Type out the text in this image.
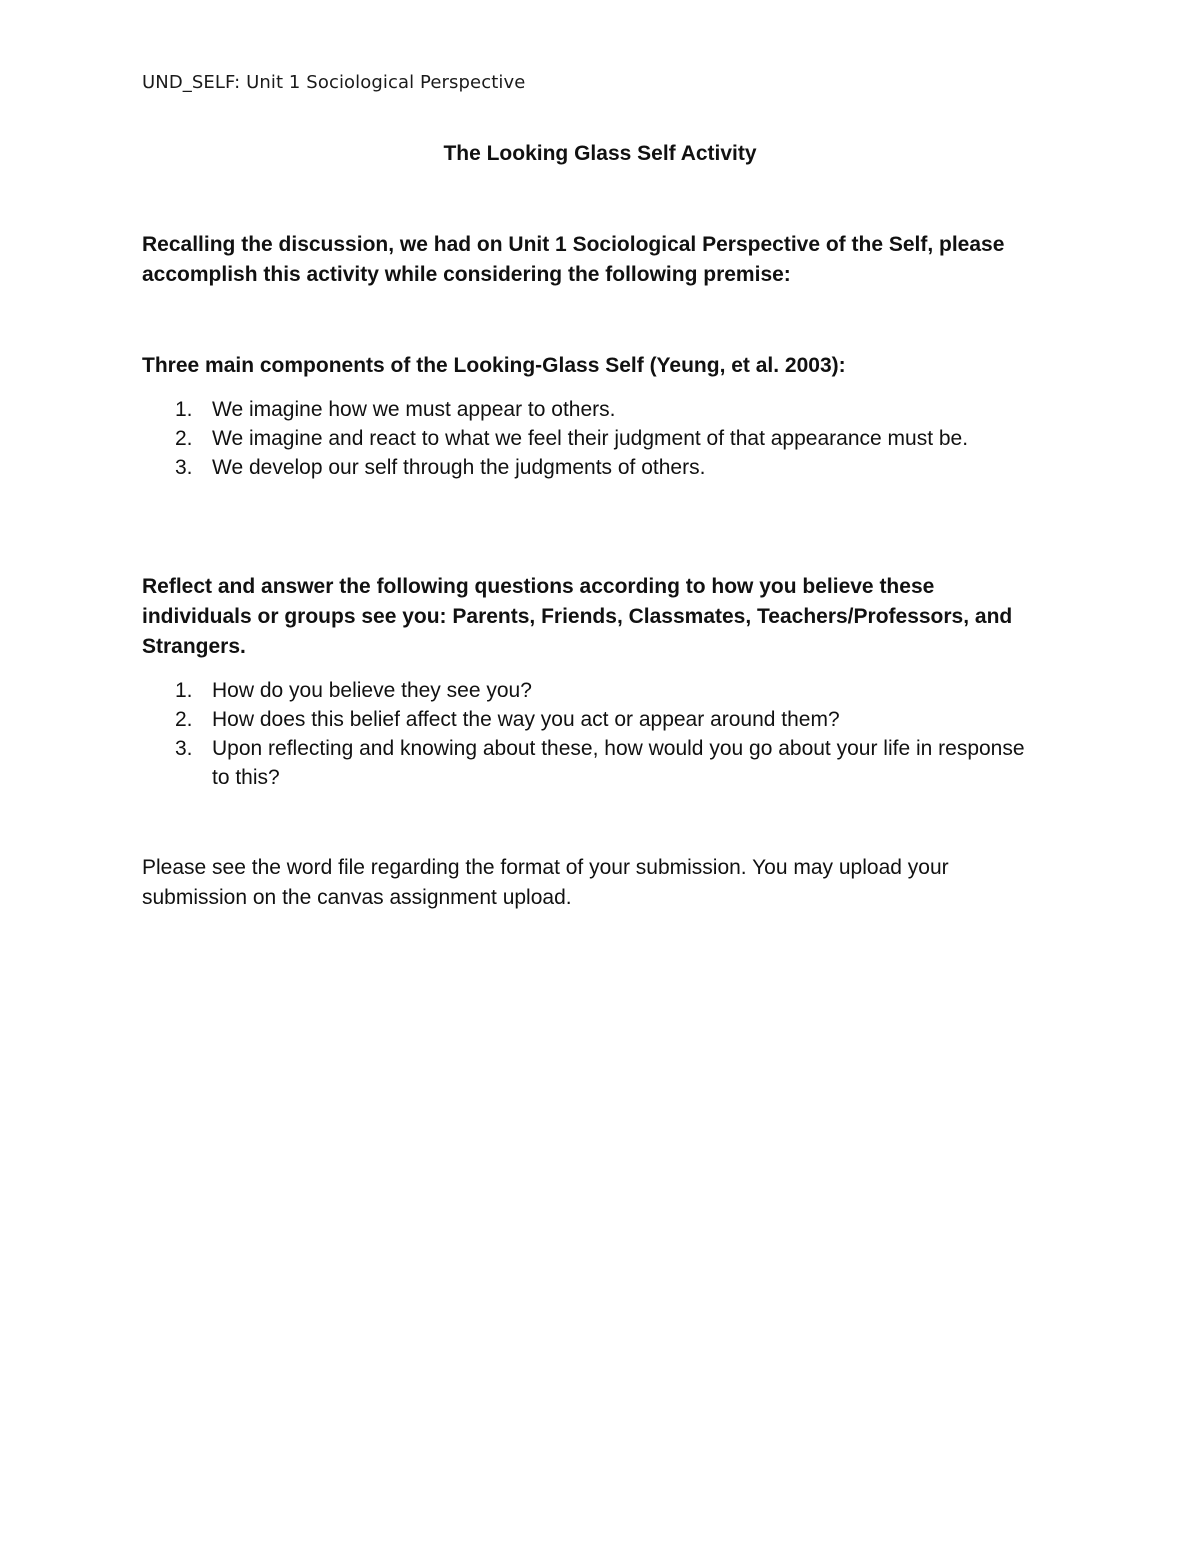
UND_SELF: Unit 1 Sociological Perspective
The Looking Glass Self Activity
Recalling the discussion, we had on Unit 1 Sociological Perspective of the Self, please accomplish this activity while considering the following premise:
Three main components of the Looking-Glass Self (Yeung, et al. 2003):
1. We imagine how we must appear to others.
2. We imagine and react to what we feel their judgment of that appearance must be.
3. We develop our self through the judgments of others.
Reflect and answer the following questions according to how you believe these individuals or groups see you: Parents, Friends, Classmates, Teachers/Professors, and Strangers.
1. How do you believe they see you?
2. How does this belief affect the way you act or appear around them?
3. Upon reflecting and knowing about these, how would you go about your life in response to this?
Please see the word file regarding the format of your submission. You may upload your submission on the canvas assignment upload.
